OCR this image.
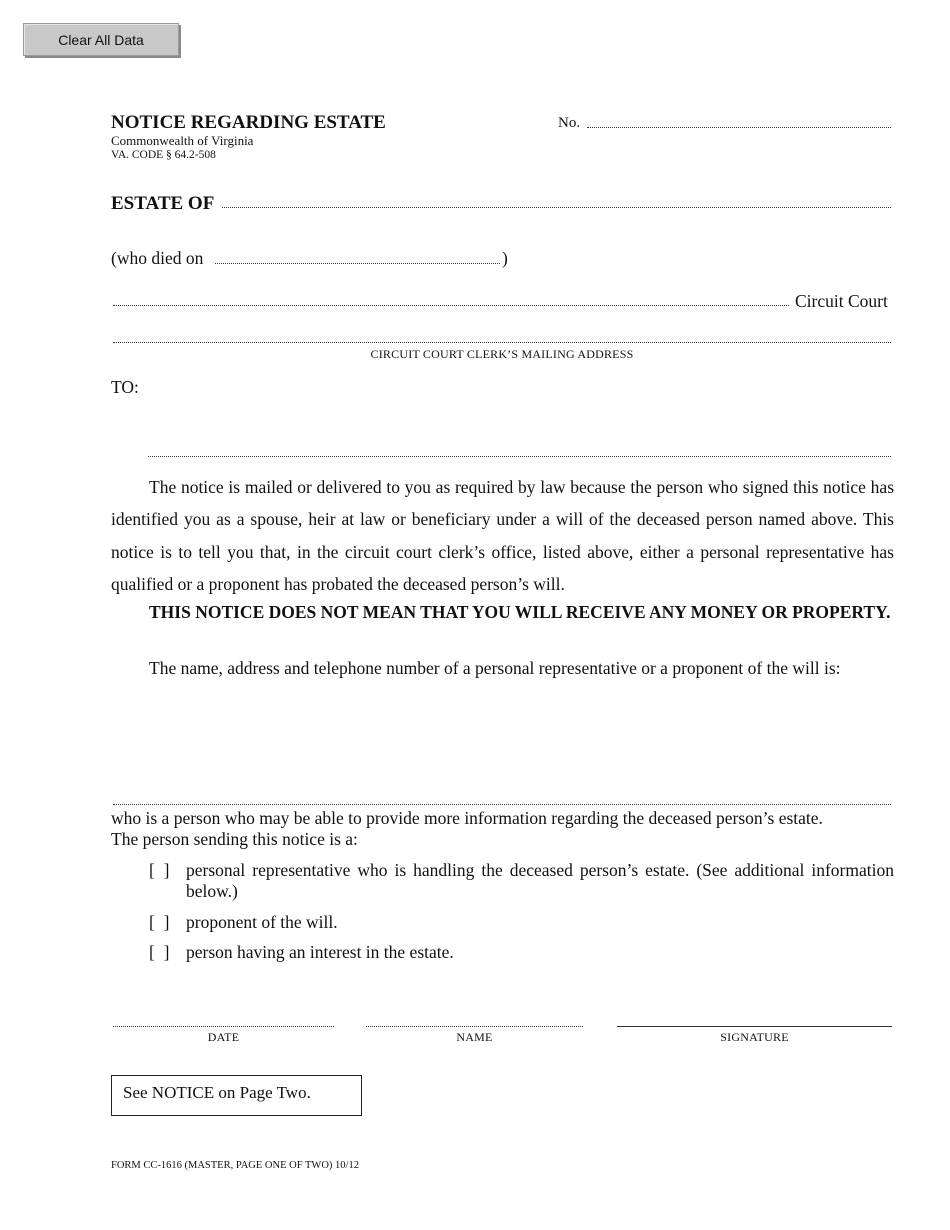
Clear All Data
NOTICE REGARDING ESTATE
Commonwealth of Virginia
VA. CODE § 64.2-508
No.
ESTATE OF
(who died on	)
Circuit Court
CIRCUIT COURT CLERK’S MAILING ADDRESS
TO:
The notice is mailed or delivered to you as required by law because the person who signed this notice has identified you as a spouse, heir at law or beneficiary under a will of the deceased person named above. This notice is to tell you that, in the circuit court clerk’s office, listed above, either a personal representative has qualified or a proponent has probated the deceased person’s will.
THIS NOTICE DOES NOT MEAN THAT YOU WILL RECEIVE ANY MONEY OR PROPERTY.
The name, address and telephone number of a personal representative or a proponent of the will is:
who is a person who may be able to provide more information regarding the deceased person’s estate.
The person sending this notice is a:
[  ] personal representative who is handling the deceased person’s estate. (See additional information below.)
[  ] proponent of the will.
[  ] person having an interest in the estate.
DATE	NAME	SIGNATURE
See NOTICE on Page Two.
FORM CC-1616 (MASTER, PAGE ONE OF TWO) 10/12
